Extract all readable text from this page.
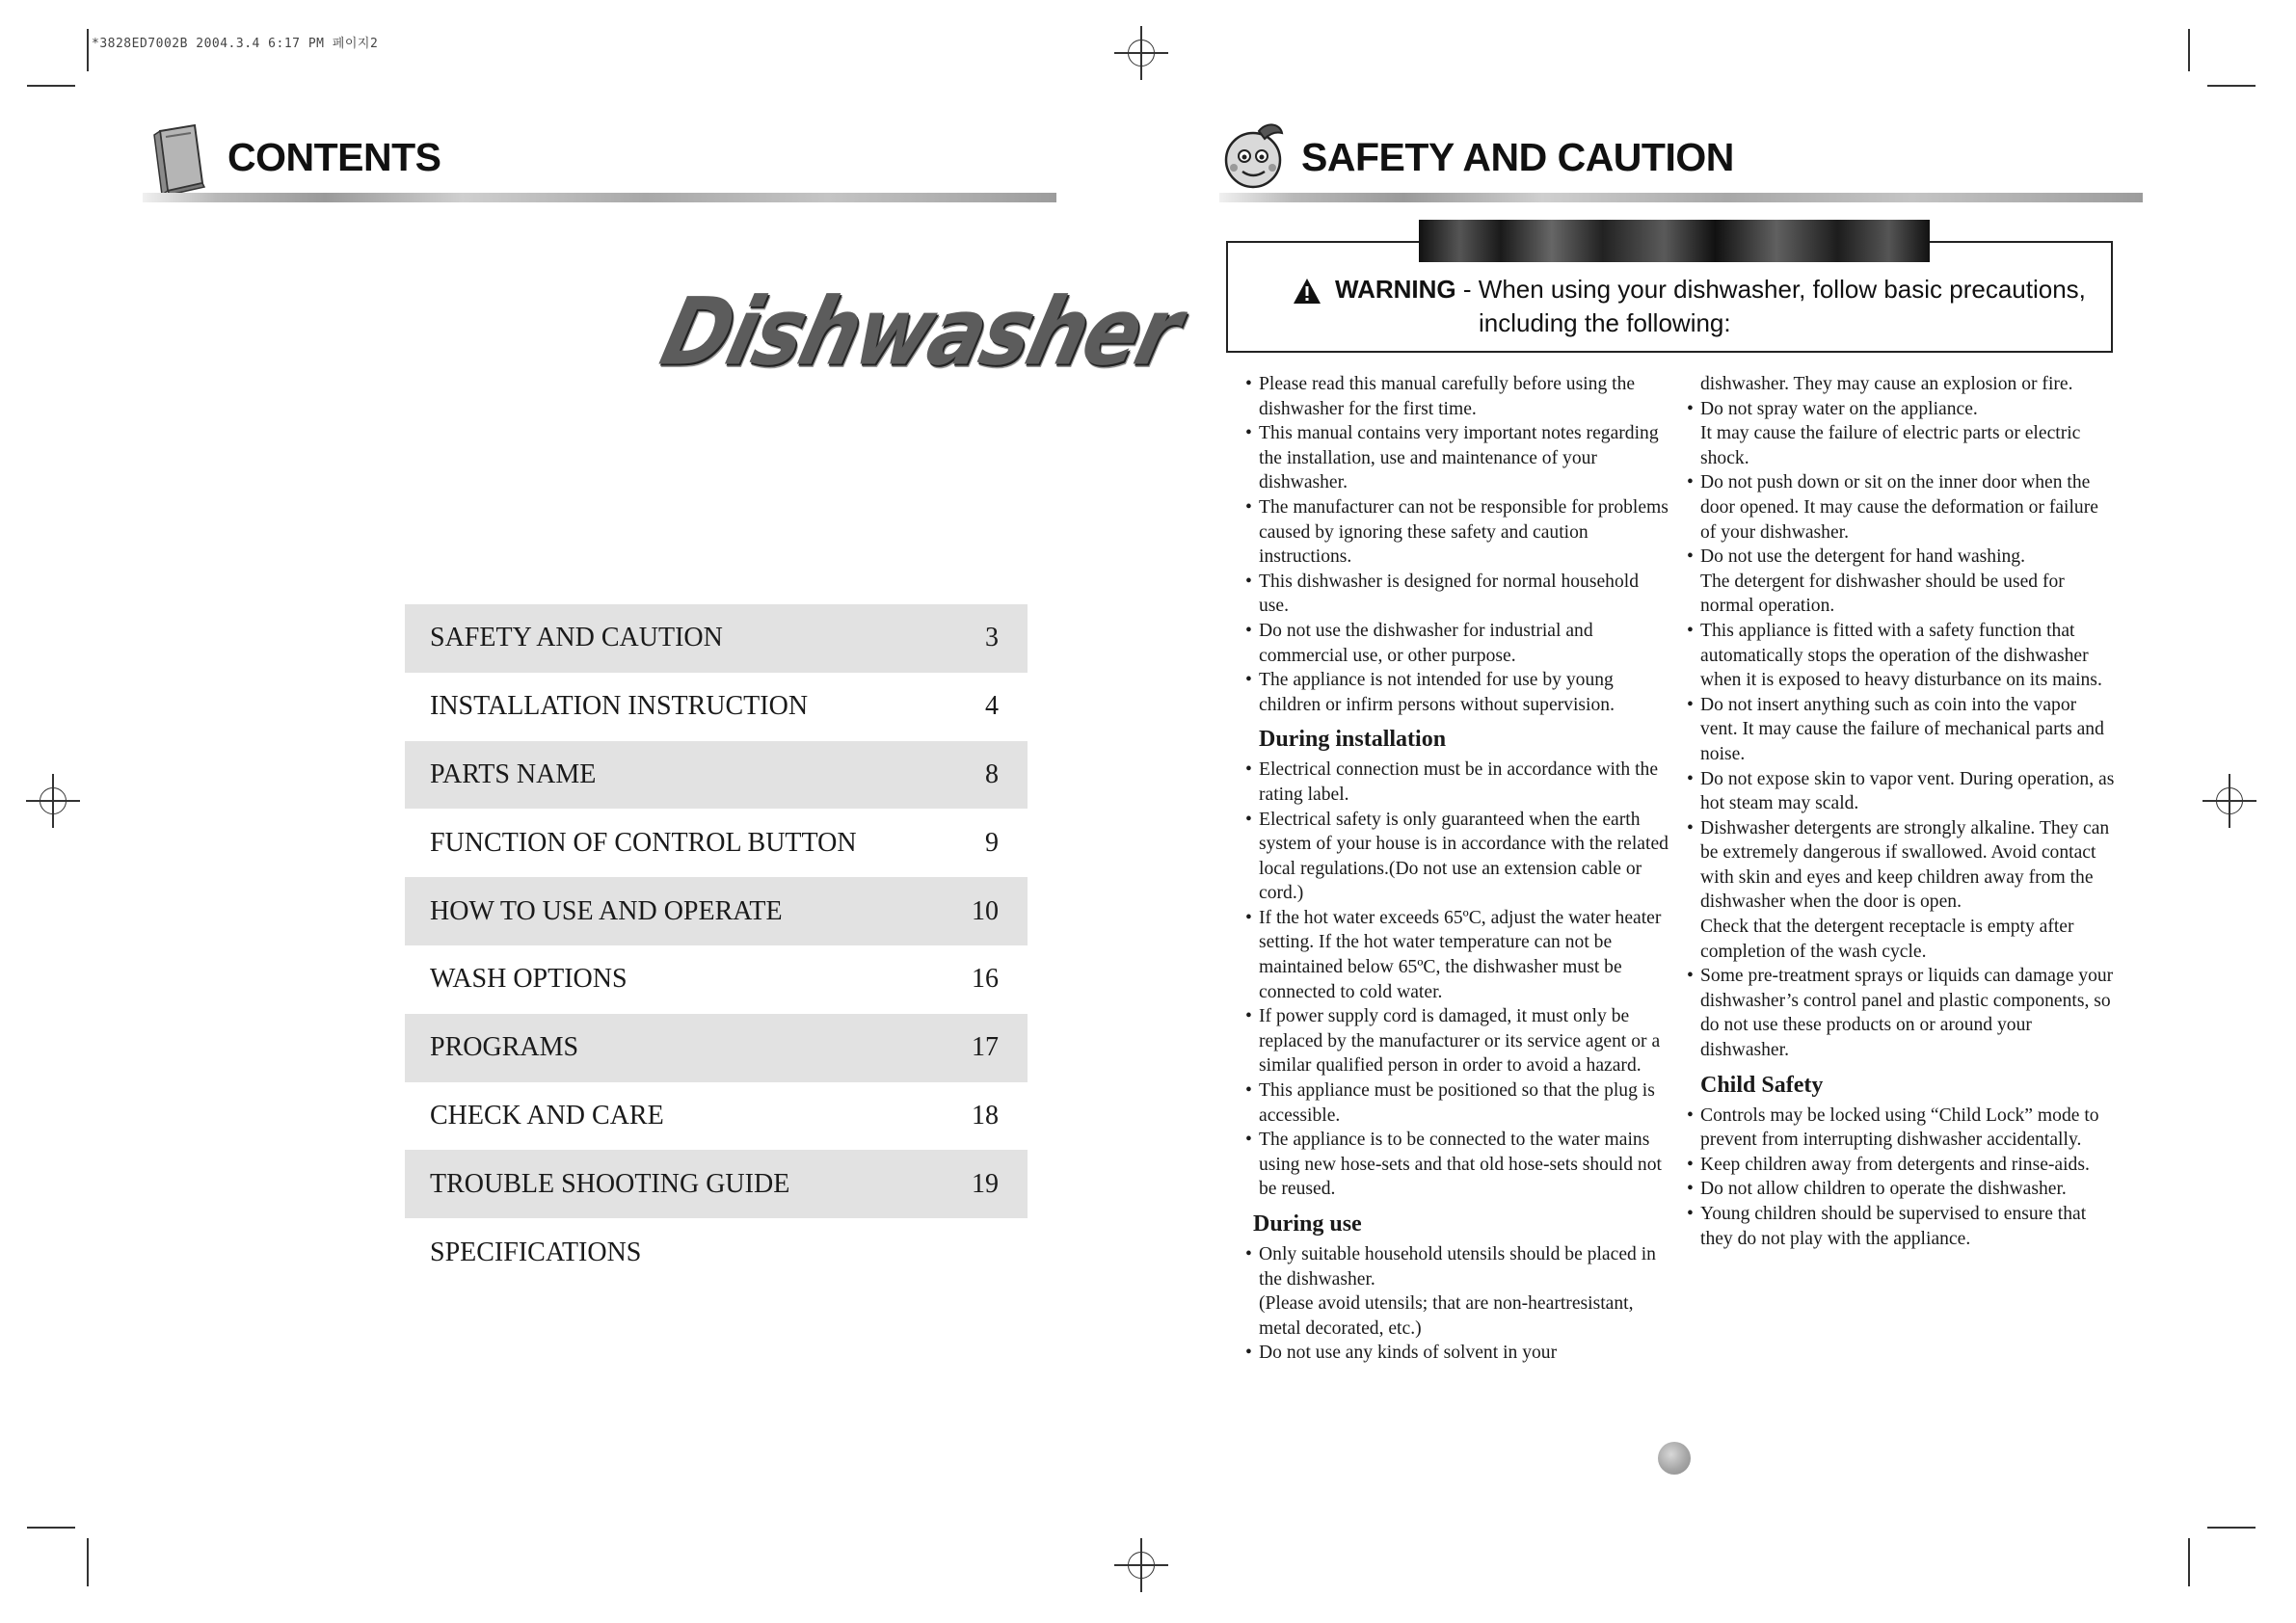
*3828ED7002B 2004.3.4 6:17 PM 페이지2
CONTENTS
Dishwasher
SAFETY AND CAUTION	3
INSTALLATION INSTRUCTION	4
PARTS NAME	8
FUNCTION OF CONTROL BUTTON	9
HOW TO USE AND OPERATE	10
WASH OPTIONS	16
PROGRAMS	17
CHECK AND CARE	18
TROUBLE SHOOTING GUIDE	19
SPECIFICATIONS
SAFETY AND CAUTION
WARNING - When using your dishwasher, follow basic precautions,
including the following:
• Please read this manual carefully before using the dishwasher for the first time.
• This manual contains very important notes regarding the installation, use and maintenance of your dishwasher.
• The manufacturer can not be responsible for problems caused by ignoring these safety and caution instructions.
• This dishwasher is designed for normal household use.
• Do not use the dishwasher for industrial and commercial use, or other purpose.
• The appliance is not intended for use by young children or infirm persons without supervision.
During installation
• Electrical connection must be in accordance with the rating label.
• Electrical safety is only guaranteed when the earth system of your house is in accordance with the related local regulations.(Do not use an extension cable or cord.)
• If the hot water exceeds 65ºC, adjust the water heater setting. If the hot water temperature can not be maintained below 65ºC, the dishwasher must be connected to cold water.
• If power supply cord is damaged, it must only be replaced by the manufacturer or its service agent or a similar qualified person in order to avoid a hazard.
• This appliance must be positioned so that the plug is accessible.
• The appliance is to be connected to the water mains using new hose-sets and that old hose-sets should not be reused.
During use
• Only suitable household utensils should be placed in the dishwasher.
(Please avoid utensils; that are non-heartresistant, metal decorated, etc.)
• Do not use any kinds of solvent in your
dishwasher. They may cause an explosion or fire.
• Do not spray water on the appliance.
It may cause the failure of electric parts or electric shock.
• Do not push down or sit on the inner door when the door opened. It may cause the deformation or failure of your dishwasher.
• Do not use the detergent for hand washing.
The detergent for dishwasher should be used for normal operation.
• This appliance is fitted with a safety function that automatically stops the operation of the dishwasher when it is exposed to heavy disturbance on its mains.
• Do not insert anything such as coin into the vapor vent. It may cause the failure of mechanical parts and noise.
• Do not expose skin to vapor vent. During operation, as hot steam may scald.
• Dishwasher detergents are strongly alkaline. They can be extremely dangerous if swallowed. Avoid contact with skin and eyes and keep children away from the dishwasher when the door is open.
Check that the detergent receptacle is empty after completion of the wash cycle.
• Some pre-treatment sprays or liquids can damage your dishwasher’s control panel and plastic components, so do not use these products on or around your dishwasher.
Child Safety
• Controls may be locked using “Child Lock” mode to prevent from interrupting dishwasher accidentally.
• Keep children away from detergents and rinse-aids.
• Do not allow children to operate the dishwasher.
• Young children should be supervised to ensure that they do not play with the appliance.
